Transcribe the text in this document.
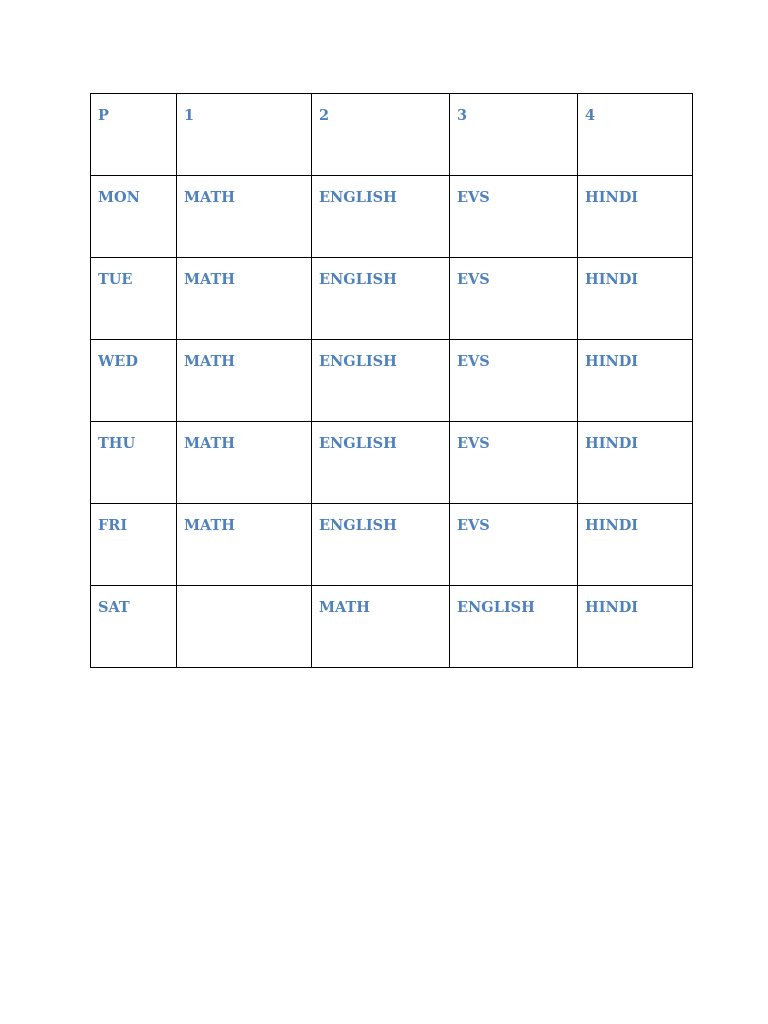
P	1	2	3	4
MON	MATH	ENGLISH	EVS	HINDI
TUE	MATH	ENGLISH	EVS	HINDI
WED	MATH	ENGLISH	EVS	HINDI
THU	MATH	ENGLISH	EVS	HINDI
FRI	MATH	ENGLISH	EVS	HINDI
SAT		MATH	ENGLISH	HINDI
